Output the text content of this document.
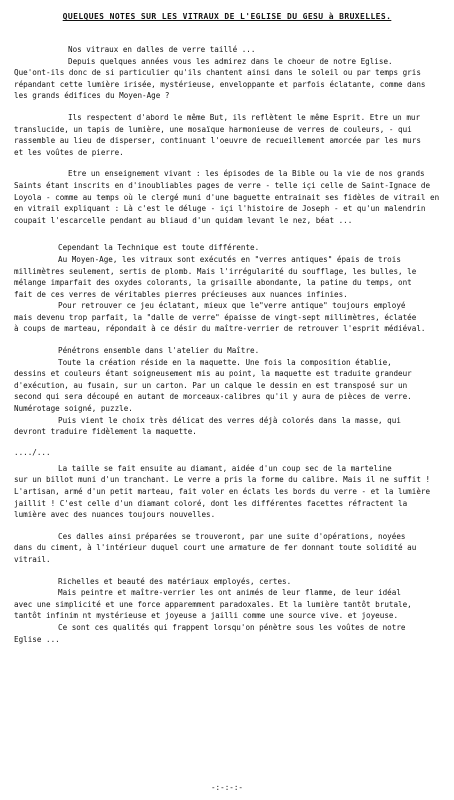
QUELQUES NOTES SUR LES VITRAUX DE L'EGLISE DU GESU à BRUXELLES.
Nos vitraux en dalles de verre taillé ...
Depuis quelques années vous les admirez dans le choeur de notre Eglise.
Que'ont-ils donc de si particulier qu'ils chantent ainsi dans le soleil ou par temps gris
répandant cette lumière irisée, mystérieuse, enveloppante et parfois éclatante, comme dans
les grands édifices du Moyen-Age ?
Ils respectent d'abord le même But, ils reflètent le même Esprit. Etre un mur
translucide, un tapis de lumière, une mosaïque harmonieuse de verres de couleurs, - qui
rassemble au lieu de disperser, continuant l'oeuvre de recueillement amorcée par les murs
et les voûtes de pierre.
Etre un enseignement vivant : les épisodes de la Bible ou la vie de nos grands
Saints étant inscrits en d'inoubliables pages de verre - telle içi celle de Saint-Ignace de
Loyola - comme au temps où le clergé muni d'une baguette entrainait ses fidèles de vitrail en
en vitrail expliquant : Là c'est le déluge - içi l'histoire de Joseph - et qu'un malendrin
coupait l'escarcelle pendant au bliaud d'un quidam levant le nez, béat ...
Cependant la Technique est toute différente.
Au Moyen-Age, les vitraux sont exécutés en "verres antiques" épais de trois
millimètres seulement, sertis de plomb. Mais l'irrégularité du soufflage, les bulles, le
mélange imparfait des oxydes colorants, la grisaille abondante, la patine du temps, ont
fait de ces verres de véritables pierres précieuses aux nuances infinies.
Pour retrouver ce jeu éclatant, mieux que le"verre antique" toujours employé
mais devenu trop parfait, la "dalle de verre" épaisse de vingt-sept millimètres, éclatée
à coups de marteau, répondait à ce désir du maître-verrier de retrouver l'esprit médiéval.
Pénétrons ensemble dans l'atelier du Maître.
Toute la création réside en la maquette. Une fois la composition établie,
dessins et couleurs étant soigneusement mis au point, la maquette est traduite grandeur
d'exécution, au fusain, sur un carton. Par un calque le dessin en est transposé sur un
second qui sera découpé en autant de morceaux-calibres qu'il y aura de pièces de verre.
Numérotage soigné, puzzle.
Puis vient le choix très délicat des verres déjà colorés dans la masse, qui
devront traduire fidèlement la maquette.
..../...
La taille se fait ensuite au diamant, aidée d'un coup sec de la marteline
sur un billot muni d'un tranchant. Le verre a pris la forme du calibre. Mais il ne suffit !
L'artisan, armé d'un petit marteau, fait voler en éclats les bords du verre - et la lumière
jaillit ! C'est celle d'un diamant coloré, dont les différentes facettes réfractent la
lumière avec des nuances toujours nouvelles.
Ces dalles ainsi préparées se trouveront, par une suite d'opérations, noyées
dans du ciment, à l'intérieur duquel court une armature de fer donnant toute solidité au
vitrail.
Richelles et beauté des matériaux employés, certes.
Mais peintre et maître-verrier les ont animés de leur flamme, de leur idéal
avec une simplicité et une force apparemment paradoxales. Et la lumière tantôt brutale,
tantôt infinim nt mystérieuse et joyeuse a jailli comme une source vive. et joyeuse.
Ce sont ces qualités qui frappent lorsqu'on pénètre sous les voûtes de notre
Eglise ...
-:-:-:-
